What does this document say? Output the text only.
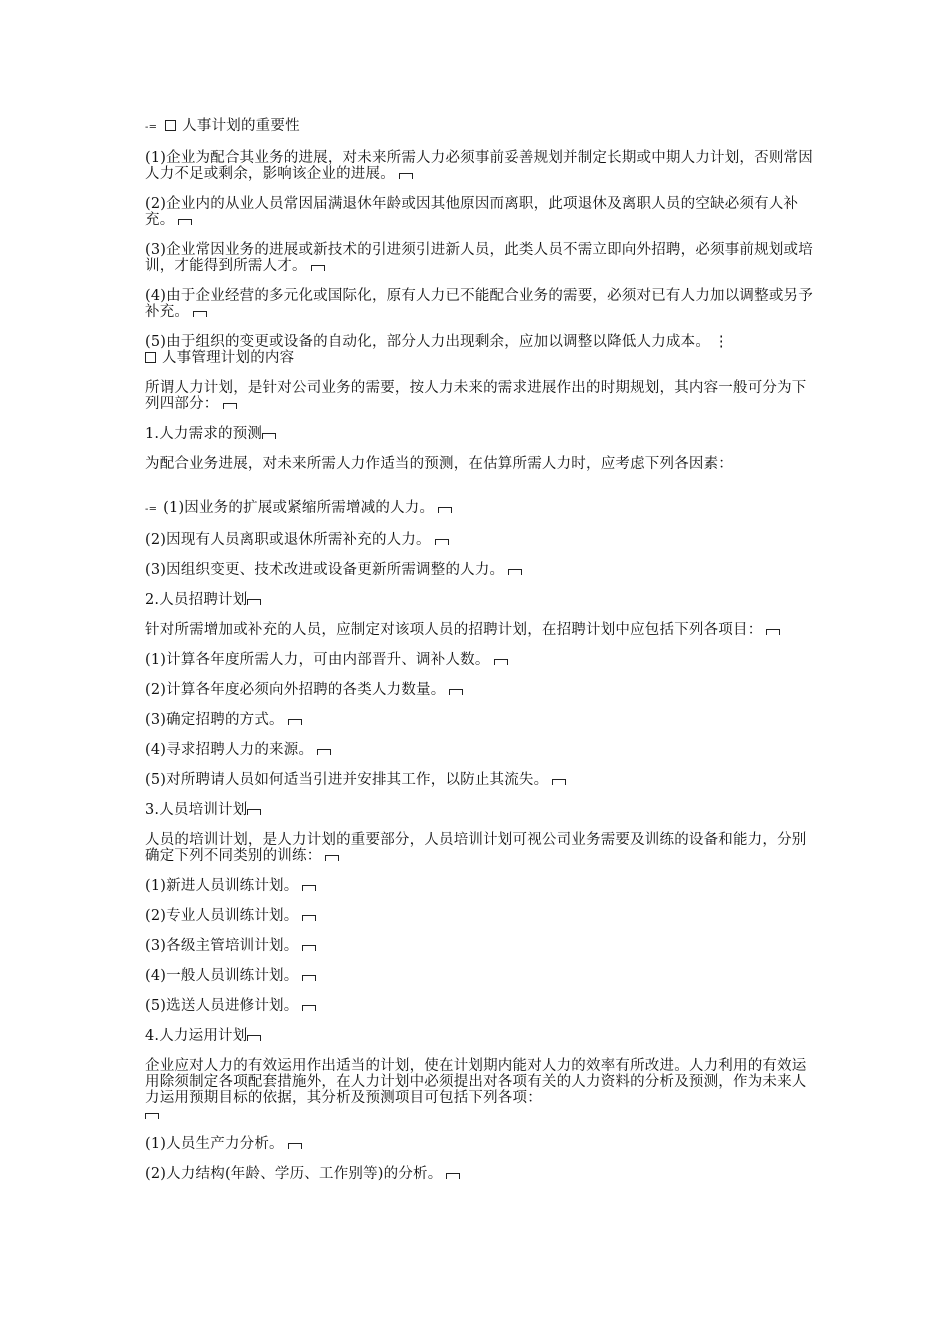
-= 人事计划的重要性

(1)企业为配合其业务的进展，对未来所需人力必须事前妥善规划并制定长期或中期人力计划，否则常因人力不足或剩余，影响该企业的进展。

(2)企业内的从业人员常因届满退休年龄或因其他原因而离职，此项退休及离职人员的空缺必须有人补充。

(3)企业常因业务的进展或新技术的引进须引进新人员，此类人员不需立即向外招聘，必须事前规划或培训，才能得到所需人才。

(4)由于企业经营的多元化或国际化，原有人力已不能配合业务的需要，必须对已有人力加以调整或另予补充。

(5)由于组织的变更或设备的自动化，部分人力出现剩余，应加以调整以降低人力成本。 ⋮

人事管理计划的内容

所谓人力计划，是针对公司业务的需要，按人力未来的需求进展作出的时期规划，其内容一般可分为下列四部分：

1.人力需求的预测

为配合业务进展，对未来所需人力作适当的预测，在估算所需人力时，应考虑下列各因素：

-= (1)因业务的扩展或紧缩所需增减的人力。

(2)因现有人员离职或退休所需补充的人力。

(3)因组织变更、技术改进或设备更新所需调整的人力。

2.人员招聘计划

针对所需增加或补充的人员，应制定对该项人员的招聘计划，在招聘计划中应包括下列各项目：

(1)计算各年度所需人力，可由内部晋升、调补人数。

(2)计算各年度必须向外招聘的各类人力数量。

(3)确定招聘的方式。

(4)寻求招聘人力的来源。

(5)对所聘请人员如何适当引进并安排其工作，以防止其流失。

3.人员培训计划

人员的培训计划，是人力计划的重要部分，人员培训计划可视公司业务需要及训练的设备和能力，分别确定下列不同类别的训练：

(1)新进人员训练计划。

(2)专业人员训练计划。

(3)各级主管培训计划。

(4)一般人员训练计划。

(5)选送人员进修计划。

4.人力运用计划

企业应对人力的有效运用作出适当的计划，使在计划期内能对人力的效率有所改进。人力利用的有效运用除须制定各项配套措施外，在人力计划中必须提出对各项有关的人力资料的分析及预测，作为未来人力运用预期目标的依据，其分析及预测项目可包括下列各项：

(1)人员生产力分析。

(2)人力结构(年龄、学历、工作别等)的分析。
